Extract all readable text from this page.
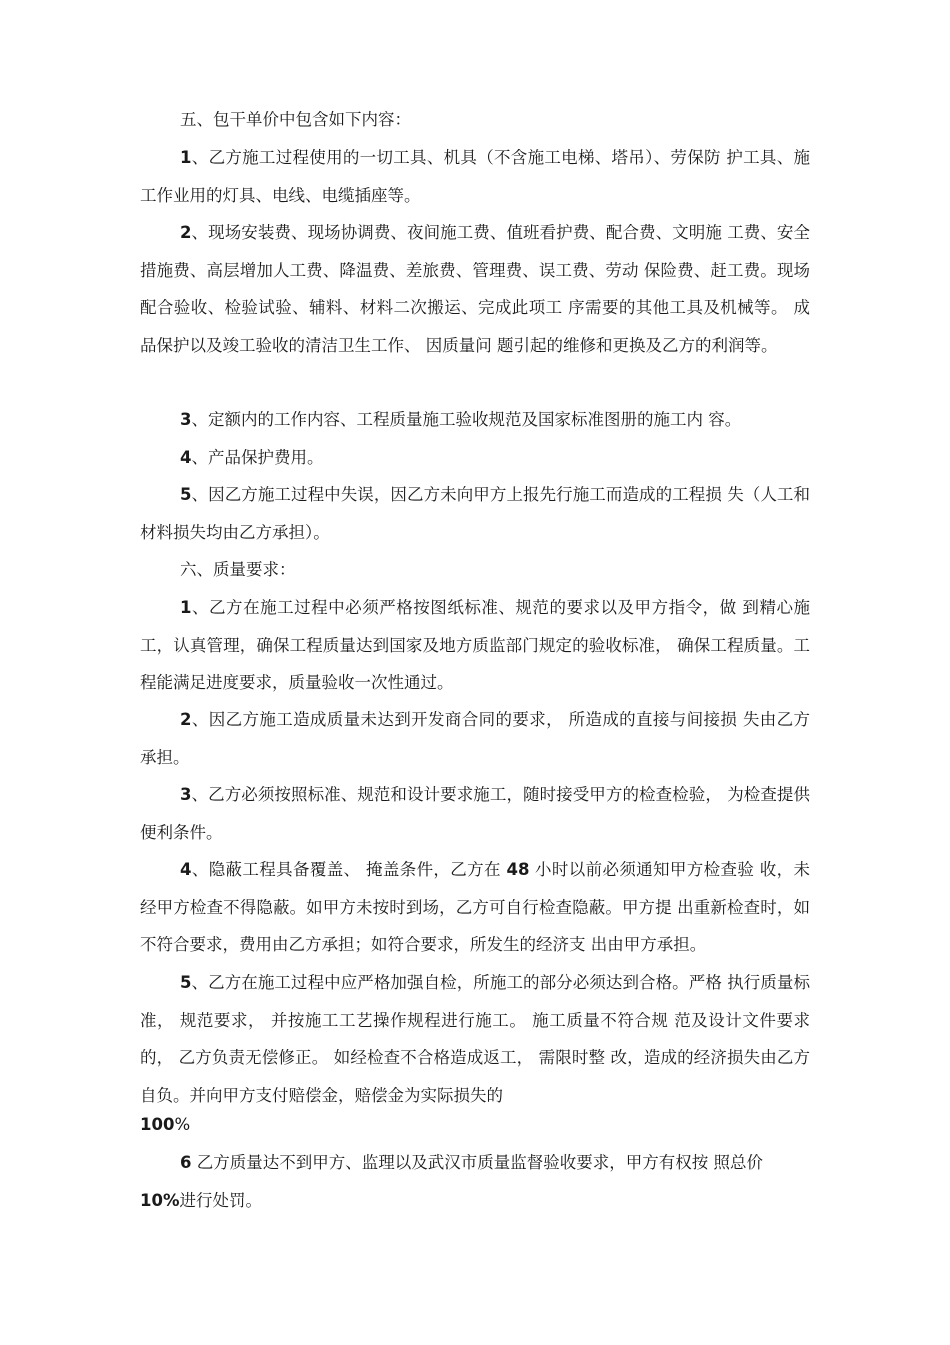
五、包干单价中包含如下内容：

1、乙方施工过程使用的一切工具、机具（不含施工电梯、塔吊）、劳保防 护工具、施工作业用的灯具、电线、电缆插座等。

2、现场安装费、现场协调费、夜间施工费、值班看护费、配合费、文明施 工费、安全措施费、高层增加人工费、降温费、差旅费、管理费、误工费、劳动 保险费、赶工费。现场配合验收、检验试验、辅料、材料二次搬运、完成此项工 序需要的其他工具及机械等。 成品保护以及竣工验收的清洁卫生工作、 因质量问 题引起的维修和更换及乙方的利润等。

3、定额内的工作内容、工程质量施工验收规范及国家标准图册的施工内 容。

4、产品保护费用。

5、因乙方施工过程中失误，因乙方未向甲方上报先行施工而造成的工程损 失（人工和材料损失均由乙方承担）。

六、质量要求：

1、乙方在施工过程中必须严格按图纸标准、规范的要求以及甲方指令，做 到精心施工，认真管理，确保工程质量达到国家及地方质监部门规定的验收标准， 确保工程质量。工程能满足进度要求，质量验收一次性通过。

2、因乙方施工造成质量未达到开发商合同的要求， 所造成的直接与间接损 失由乙方承担。

3、乙方必须按照标准、规范和设计要求施工，随时接受甲方的检查检验， 为检查提供便利条件。

4、隐蔽工程具备覆盖、 掩盖条件，乙方在 48 小时以前必须通知甲方检查验 收，未经甲方检查不得隐蔽。如甲方未按时到场，乙方可自行检查隐蔽。甲方提 出重新检查时，如不符合要求，费用由乙方承担；如符合要求，所发生的经济支 出由甲方承担。

5、乙方在施工过程中应严格加强自检，所施工的部分必须达到合格。严格 执行质量标准， 规范要求， 并按施工工艺操作规程进行施工。 施工质量不符合规 范及设计文件要求的， 乙方负责无偿修正。 如经检查不合格造成返工， 需限时整 改，造成的经济损失由乙方自负。并向甲方支付赔偿金，赔偿金为实际损失的

100%

6 乙方质量达不到甲方、监理以及武汉市质量监督验收要求，甲方有权按 照总价

10%进行处罚。
